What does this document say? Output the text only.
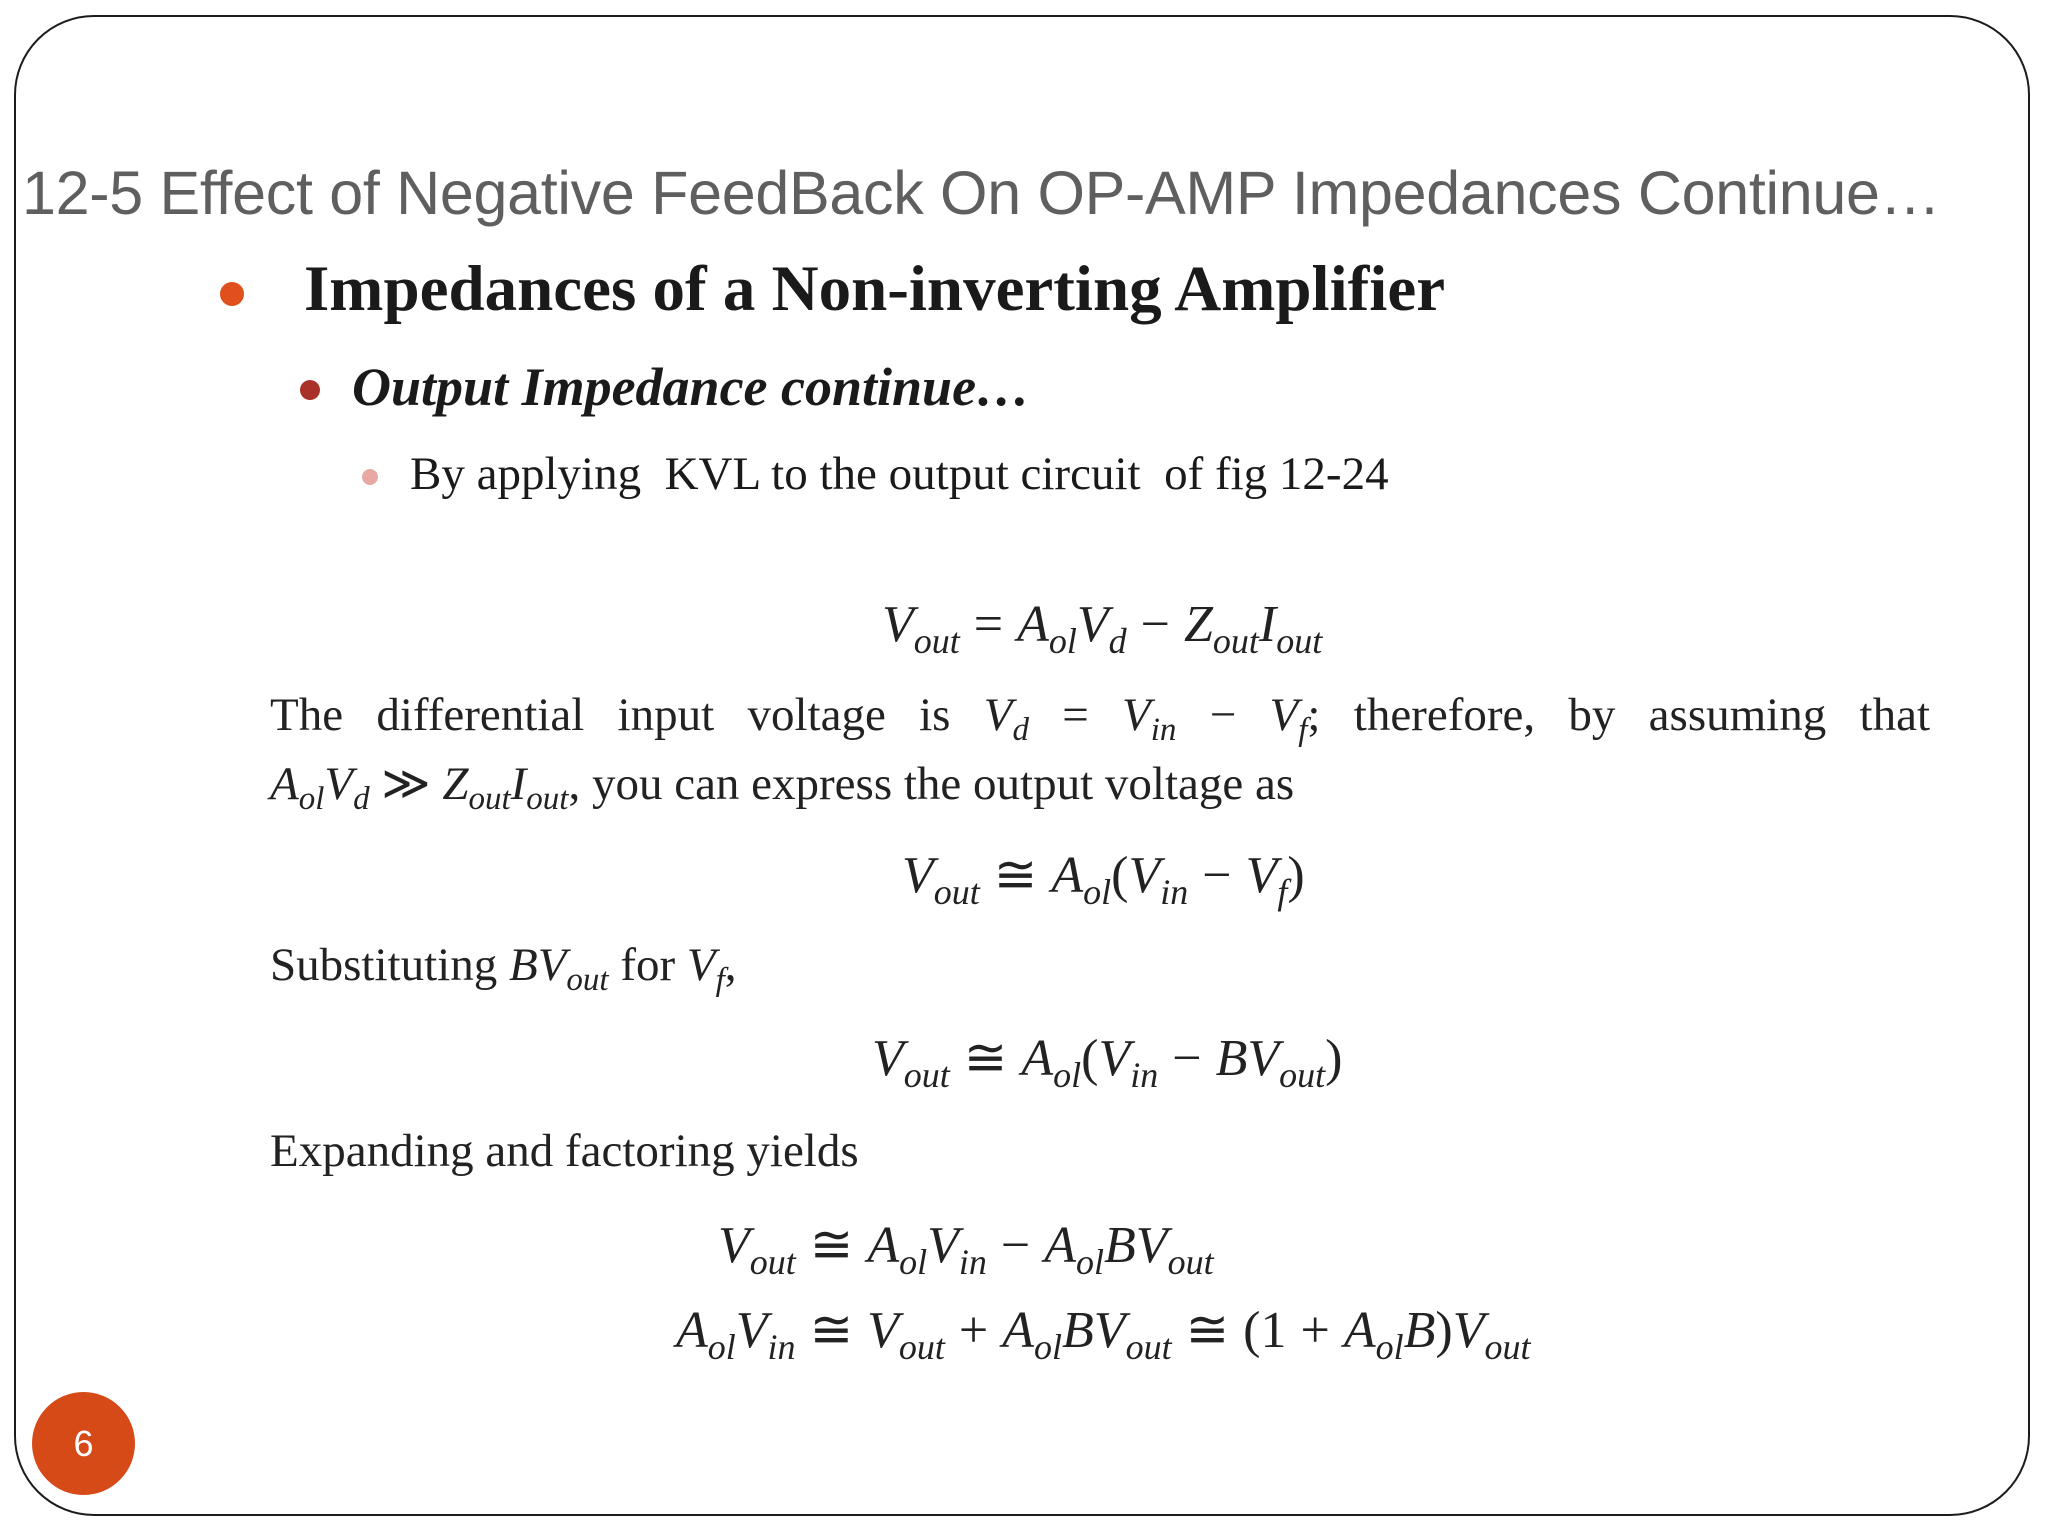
12-5 Effect of Negative FeedBack On OP-AMP Impedances Continue…
Impedances of a Non-inverting Amplifier
Output Impedance continue…

By applying  KVL to the output circuit  of fig 12-24

$V_{out} = A_{ol}V_d - Z_{out}I_{out}$
The differential input voltage is $V_d = V_{in} - V_f$; therefore, by assuming that
$A_{ol}V_d$ ≫ $Z_{out}I_{out}$, you can express the output voltage as
$V_{out}$ ≅ $A_{ol}(V_{in} - V_f)$
Substituting $BV_{out}$ for $V_f$,
$V_{out}$ ≅ $A_{ol}(V_{in} - BV_{out})$
Expanding and factoring yields
$V_{out}$ ≅ $A_{ol}V_{in} - A_{ol}BV_{out}$
$A_{ol}V_{in}$ ≅ $V_{out} + A_{ol}BV_{out}$ ≅ $(1 + A_{ol}B)V_{out}$
6
